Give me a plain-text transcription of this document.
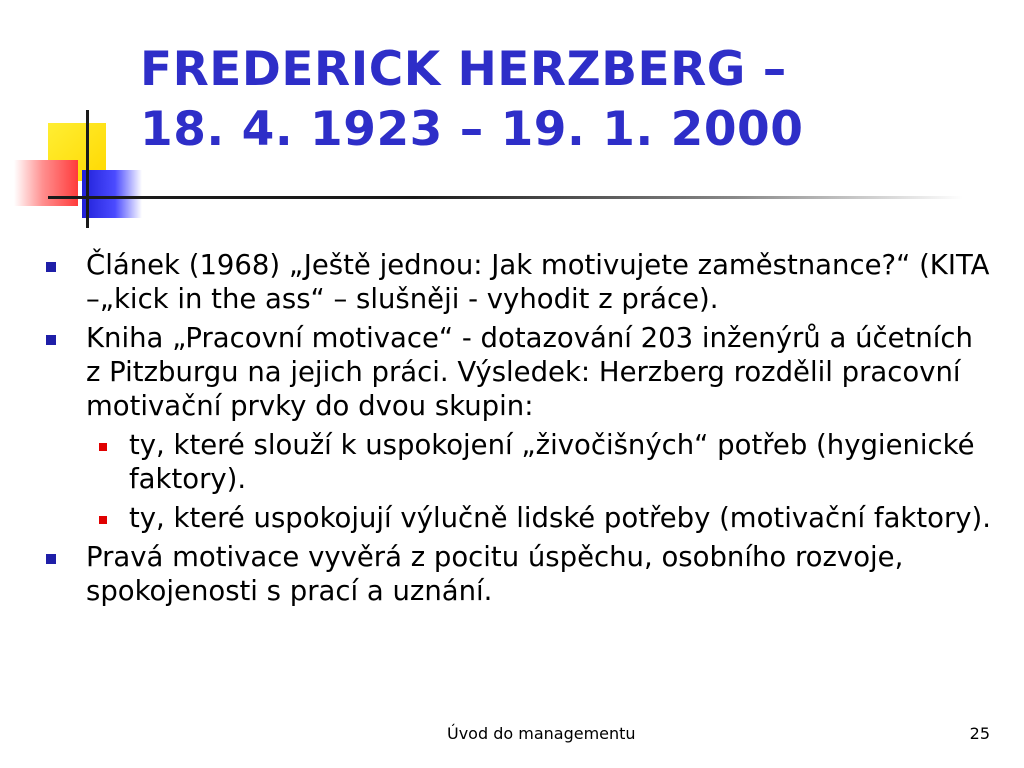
FREDERICK HERZBERG –
18. 4. 1923 – 19. 1. 2000
Článek (1968) „Ještě jednou: Jak motivujete zaměstnance?“ (KITA –„kick in the ass“ – slušněji - vyhodit z práce).
Kniha „Pracovní motivace“ - dotazování 203 inženýrů a účetních z Pitzburgu na jejich práci. Výsledek: Herzberg rozdělil pracovní motivační prvky do dvou skupin:
ty, které slouží k uspokojení „živočišných“ potřeb (hygienické faktory).
ty, které uspokojují výlučně lidské potřeby (motivační faktory).
Pravá motivace vyvěrá z pocitu úspěchu, osobního rozvoje, spokojenosti s prací a uznání.
Úvod do managementu	25
